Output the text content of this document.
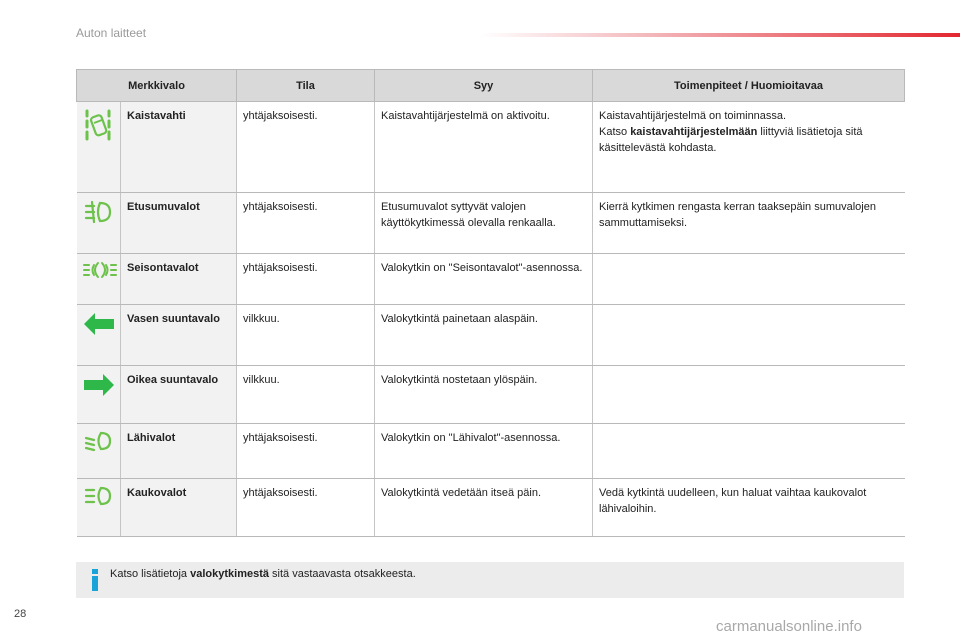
Auton laitteet
Merkkivalo		Tila	Syy	Toimenpiteet / Huomioitavaa
	Kaistavahti	yhtäjaksoisesti.	Kaistavahtijärjestelmä on aktivoitu.	Kaistavahtijärjestelmä on toiminnassa.
Katso kaistavahtijärjestelmään liittyviä lisätietoja sitä käsittelevästä kohdasta.
	Etusumuvalot	yhtäjaksoisesti.	Etusumuvalot syttyvät valojen käyttökytkimessä olevalla renkaalla.	Kierrä kytkimen rengasta kerran taaksepäin sumuvalojen sammuttamiseksi.
	Seisontavalot	yhtäjaksoisesti.	Valokytkin on "Seisontavalot"-asennossa.	
	Vasen suuntavalo	vilkkuu.	Valokytkintä painetaan alaspäin.	
	Oikea suuntavalo	vilkkuu.	Valokytkintä nostetaan ylöspäin.	
	Lähivalot	yhtäjaksoisesti.	Valokytkin on "Lähivalot"-asennossa.	
	Kaukovalot	yhtäjaksoisesti.	Valokytkintä vedetään itseä päin.	Vedä kytkintä uudelleen, kun haluat vaihtaa kaukovalot lähivaloihin.
Katso lisätietoja valokytkimestä sitä vastaavasta otsakkeesta.
28
carmanualsonline.info
